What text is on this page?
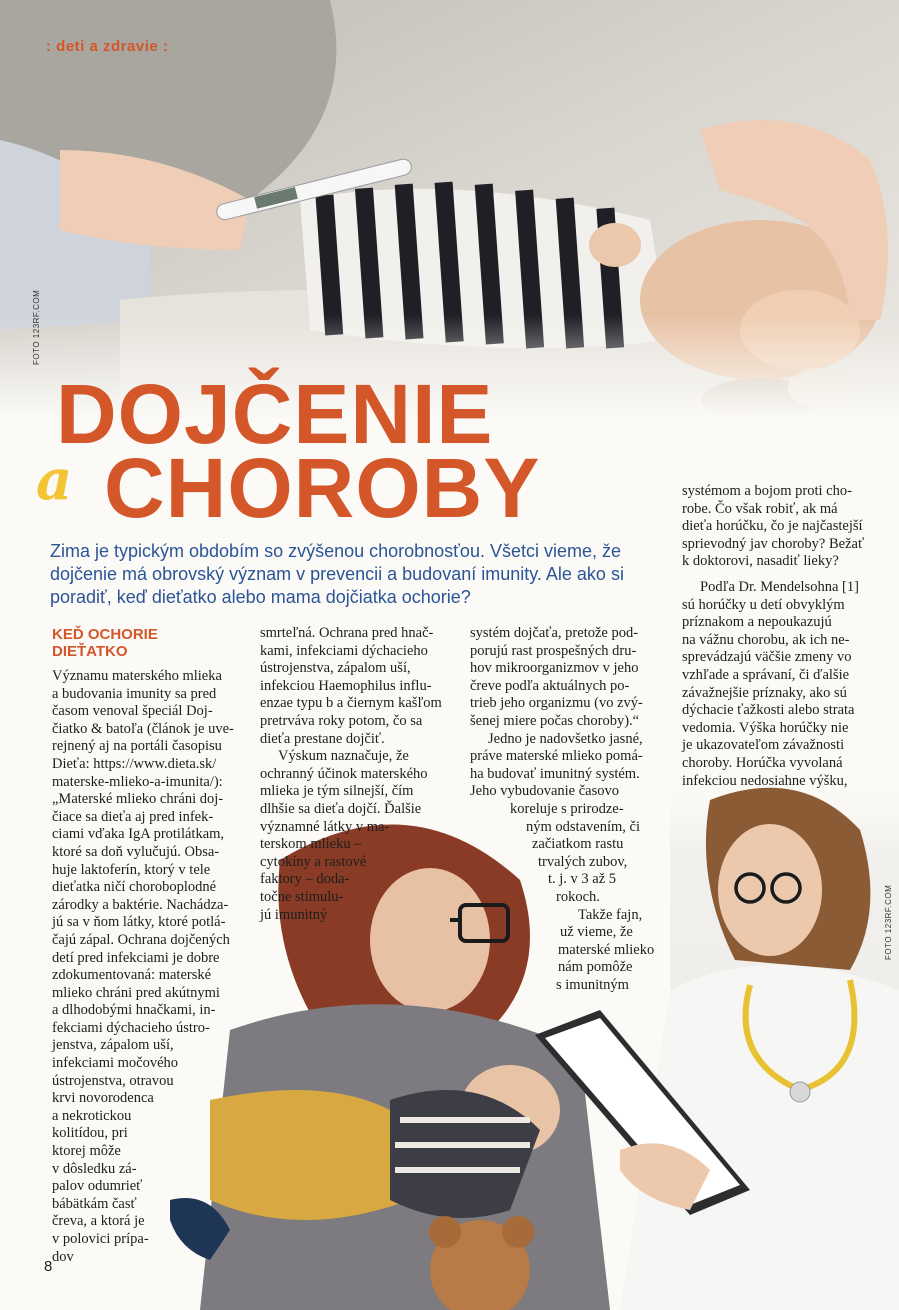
: deti a zdravie :
FOTO 123RF.COM
FOTO 123RF.COM
DOJČENIE
a CHOROBY

Zima je typickým obdobím so zvýšenou chorobnosťou. Všetci vieme, že dojčenie má obrovský význam v prevencii a budovaní imunity. Ale ako si poradiť, keď dieťatko alebo mama dojčiatka ochorie?

KEĎ OCHORIE
DIEŤATKO
Významu materského mlieka
a budovania imunity sa pred
časom venoval špeciál Doj-
čiatko & batoľa (článok je uve-
rejnený aj na portáli časopisu
Dieťa: https://www.dieta.sk/
materske-mlieko-a-imunita/):
„Materské mlieko chráni doj-
čiace sa dieťa aj pred infek-
ciami vďaka IgA protilátkam,
ktoré sa doň vylučujú. Obsa-
huje laktoferín, ktorý v tele
dieťatka ničí choroboplodné
zárodky a baktérie. Nachádza-
jú sa v ňom látky, ktoré potlá-
čajú zápal. Ochrana dojčených
detí pred infekciami je dobre
zdokumentovaná: materské
mlieko chráni pred akútnymi
a dlhodobými hnačkami, in-
fekciami dýchacieho ústro-
jenstva, zápalom uší,
infekciami močového
ústrojenstva, otravou
krvi novorodenca
a nekrotickou
kolitídou, pri
ktorej môže
v dôsledku zá-
palov odumrieť
bábätkám časť
čreva, a ktorá je
v polovici prípa-
dov
smrteľná. Ochrana pred hnač-
kami, infekciami dýchacieho
ústrojenstva, zápalom uší,
infekciou Haemophilus influ-
enzae typu b a čiernym kašľom
pretrváva roky potom, čo sa
dieťa prestane dojčiť.
Výskum naznačuje, že
ochranný účinok materského
mlieka je tým silnejší, čím
dlhšie sa dieťa dojčí. Ďalšie
významné látky v ma-
terskom mlieku –
cytokíny a rastové
faktory – doda-
točne stimulu-
jú imunitný
systém dojčaťa, pretože pod-
porujú rast prospešných dru-
hov mikroorganizmov v jeho
čreve podľa aktuálnych po-
trieb jeho organizmu (vo zvý-
šenej miere počas choroby).“
Jedno je nadovšetko jasné,
práve materské mlieko pomá-
ha budovať imunitný systém.
Jeho vybudovanie časovo
koreluje s prirodze-
ným odstavením, či
začiatkom rastu
trvalých zubov,
t. j. v 3 až 5
rokoch.
Takže fajn,
už vieme, že
materské mlieko
nám pomôže
s imunitným
systémom a bojom proti cho-
robe. Čo však robiť, ak má
dieťa horúčku, čo je najčastejší
sprievodný jav choroby? Bežať
k doktorovi, nasadiť lieky?
Podľa Dr. Mendelsohna [1]
sú horúčky u detí obvyklým
príznakom a nepoukazujú
na vážnu chorobu, ak ich ne-
sprevádzajú väčšie zmeny vo
vzhľade a správaní, či ďalšie
závažnejšie príznaky, ako sú
dýchacie ťažkosti alebo strata
vedomia. Výška horúčky nie
je ukazovateľom závažnosti
choroby. Horúčka vyvolaná
infekciou nedosiahne výšku,
8
